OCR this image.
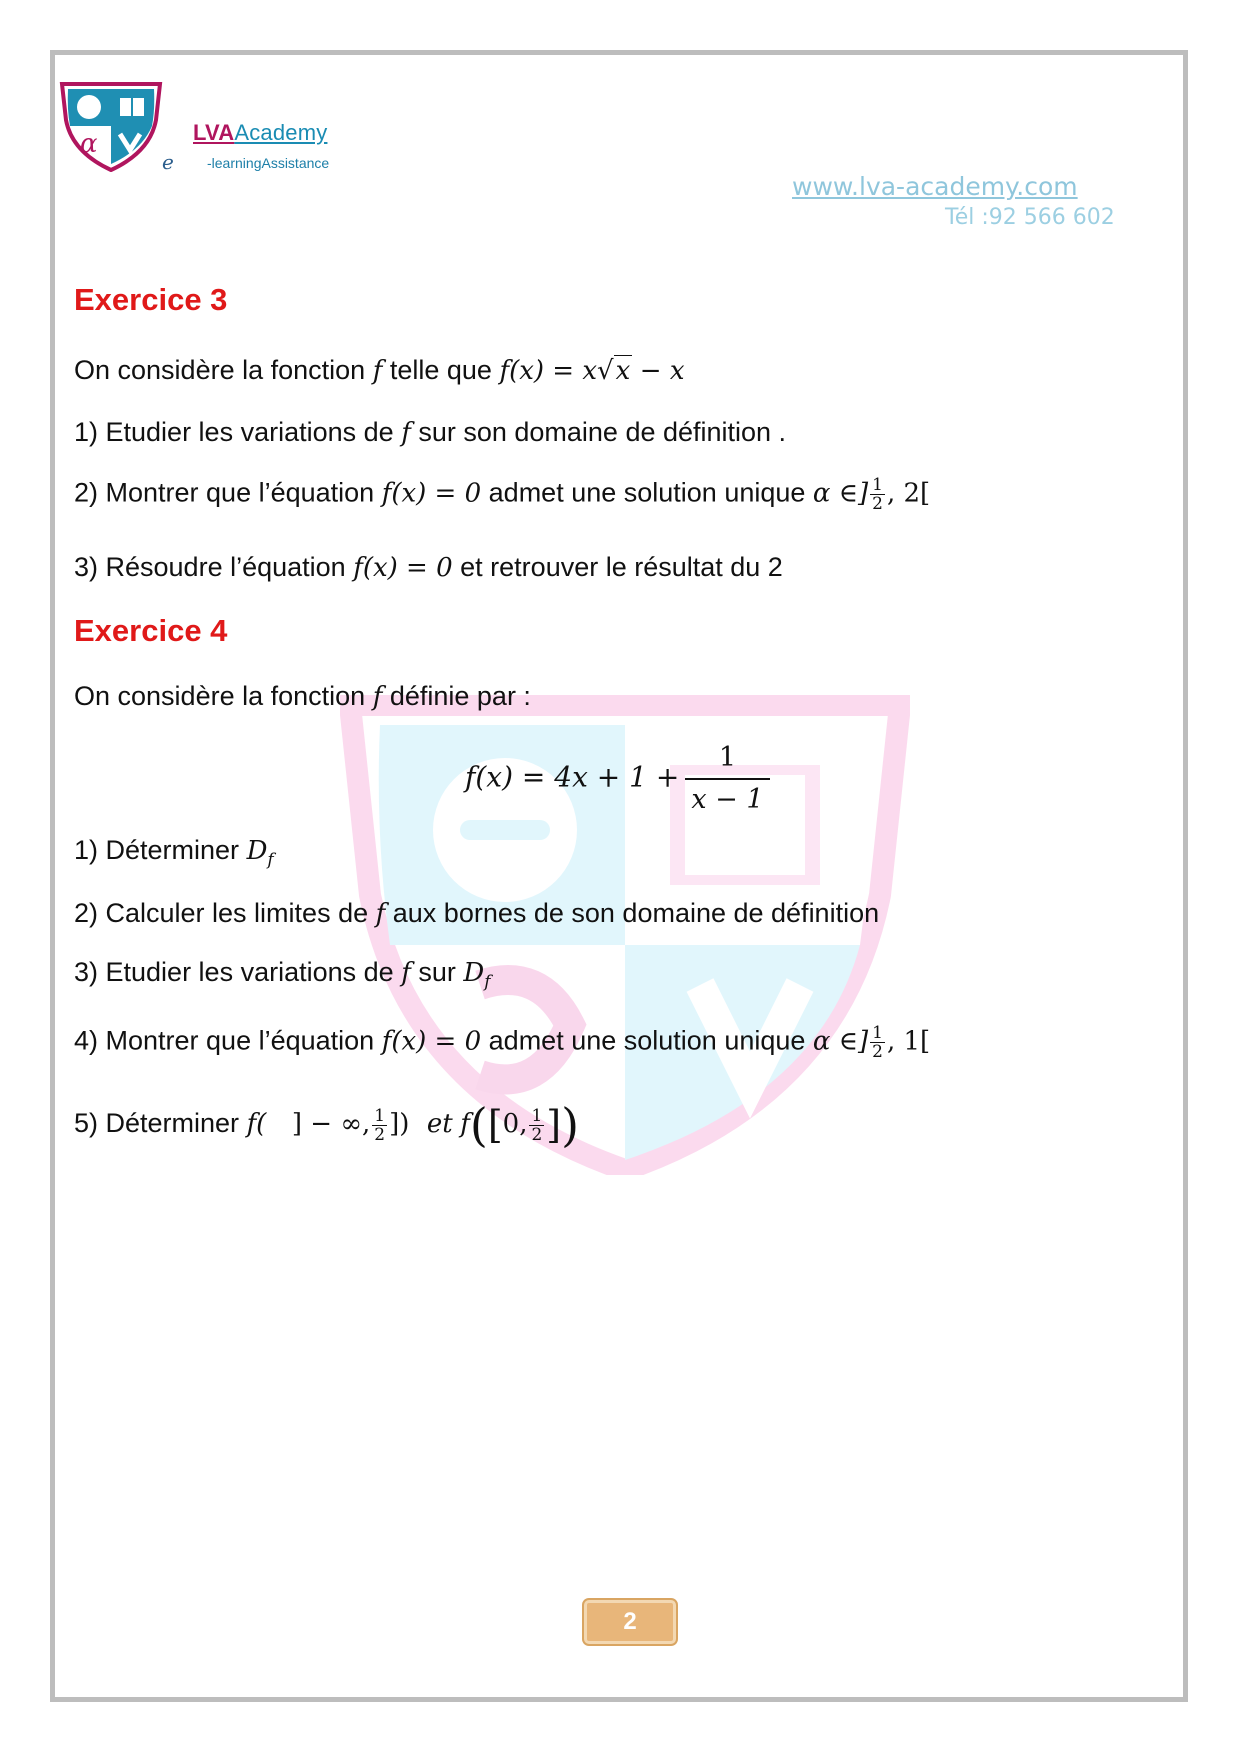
α
e
LVAAcademy
-learningAssistance
www.lva-academy.com
Tél :92 566 602
Exercice 3
On considère la fonction f telle que f(x) = x√x − x
1) Etudier les variations de f sur son domaine de définition .
2) Montrer que l’équation f(x) = 0 admet une solution unique α ∈] $\frac{1}{2}$ , 2[
3) Résoudre l’équation f(x) = 0 et retrouver le résultat du 2
Exercice 4
On considère la fonction f définie par :
$f(x) = 4x + 1 + \frac{1}{x - 1}$
1) Déterminer $D_f$
2) Calculer les limites de f aux bornes de son domaine de définition
3) Etudier les variations de f sur $D_f$
4) Montrer que l’équation f(x) = 0 admet une solution unique α ∈] $\frac{1}{2}$ , 1[
5) Déterminer f( ] − ∞, $\frac{1}{2}$ ]) et f([0, $\frac{1}{2}$ ])
2
